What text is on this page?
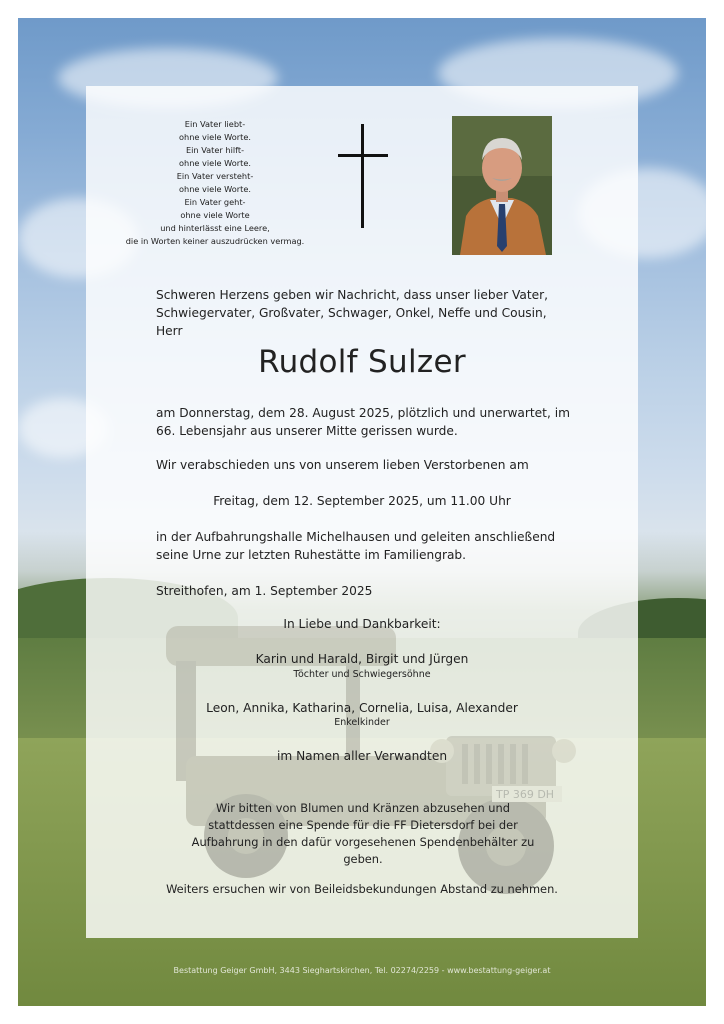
TP 369 DH
Ein Vater liebt-
ohne viele Worte.
Ein Vater hilft-
ohne viele Worte.
Ein Vater versteht-
ohne viele Worte.
Ein Vater geht-
ohne viele Worte
und hinterlässt eine Leere,
die in Worten keiner auszudrücken vermag.
Schweren Herzens geben wir Nachricht, dass unser lieber Vater, Schwiegervater, Großvater, Schwager, Onkel, Neffe und Cousin, Herr
Rudolf Sulzer
am Donnerstag, dem 28. August 2025, plötzlich und unerwartet, im 66. Lebensjahr aus unserer Mitte gerissen wurde.
Wir verabschieden uns von unserem lieben Verstorbenen am
Freitag, dem 12. September 2025, um 11.00 Uhr
in der Aufbahrungshalle Michelhausen und geleiten anschließend seine Urne zur letzten Ruhestätte im Familiengrab.
Streithofen, am 1. September 2025
In Liebe und Dankbarkeit:
Karin und Harald, Birgit und Jürgen
Töchter und Schwiegersöhne
Leon, Annika, Katharina, Cornelia, Luisa, Alexander
Enkelkinder
im Namen aller Verwandten
Wir bitten von Blumen und Kränzen abzusehen und stattdessen eine Spende für die FF Dietersdorf bei der Aufbahrung in den dafür vorgesehenen Spendenbehälter zu geben.
Weiters ersuchen wir von Beileidsbekundungen Abstand zu nehmen.
Bestattung Geiger GmbH, 3443 Sieghartskirchen, Tel. 02274/2259 - www.bestattung-geiger.at
